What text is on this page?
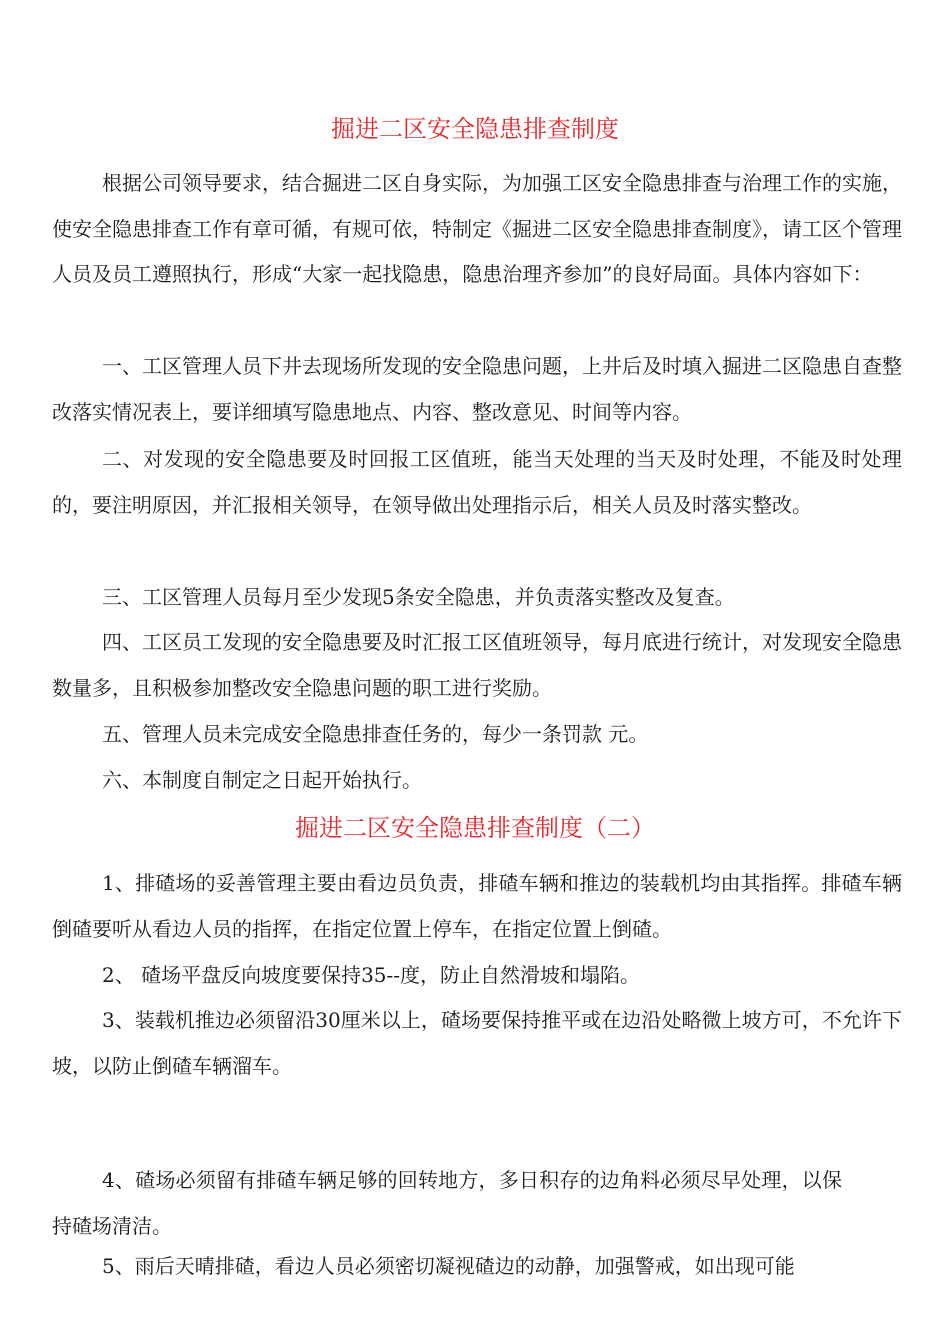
掘进二区安全隐患排查制度
根据公司领导要求，结合掘进二区自身实际，为加强工区安全隐患排查与治理工作的实施，使安全隐患排查工作有章可循，有规可依，特制定《掘进二区安全隐患排查制度》，请工区个管理人员及员工遵照执行，形成“大家一起找隐患，隐患治理齐参加”的良好局面。具体内容如下：
一、工区管理人员下井去现场所发现的安全隐患问题，上井后及时填入掘进二区隐患自查整改落实情况表上，要详细填写隐患地点、内容、整改意见、时间等内容。
二、对发现的安全隐患要及时回报工区值班，能当天处理的当天及时处理，不能及时处理的，要注明原因，并汇报相关领导，在领导做出处理指示后，相关人员及时落实整改。
三、工区管理人员每月至少发现5条安全隐患，并负责落实整改及复查。
四、工区员工发现的安全隐患要及时汇报工区值班领导，每月底进行统计，对发现安全隐患数量多，且积极参加整改安全隐患问题的职工进行奖励。
五、管理人员未完成安全隐患排查任务的，每少一条罚款 元。
六、本制度自制定之日起开始执行。
掘进二区安全隐患排查制度（二）
1、排碴场的妥善管理主要由看边员负责，排碴车辆和推边的装载机均由其指挥。排碴车辆倒碴要听从看边人员的指挥，在指定位置上停车，在指定位置上倒碴。
2、 碴场平盘反向坡度要保持35--度，防止自然滑坡和塌陷。
3、装载机推边必须留沿30厘米以上，碴场要保持推平或在边沿处略微上坡方可，不允许下坡，以防止倒碴车辆溜车。
4、碴场必须留有排碴车辆足够的回转地方，多日积存的边角料必须尽早处理，以保持碴场清洁。
5、雨后天晴排碴，看边人员必须密切凝视碴边的动静，加强警戒，如出现可能
